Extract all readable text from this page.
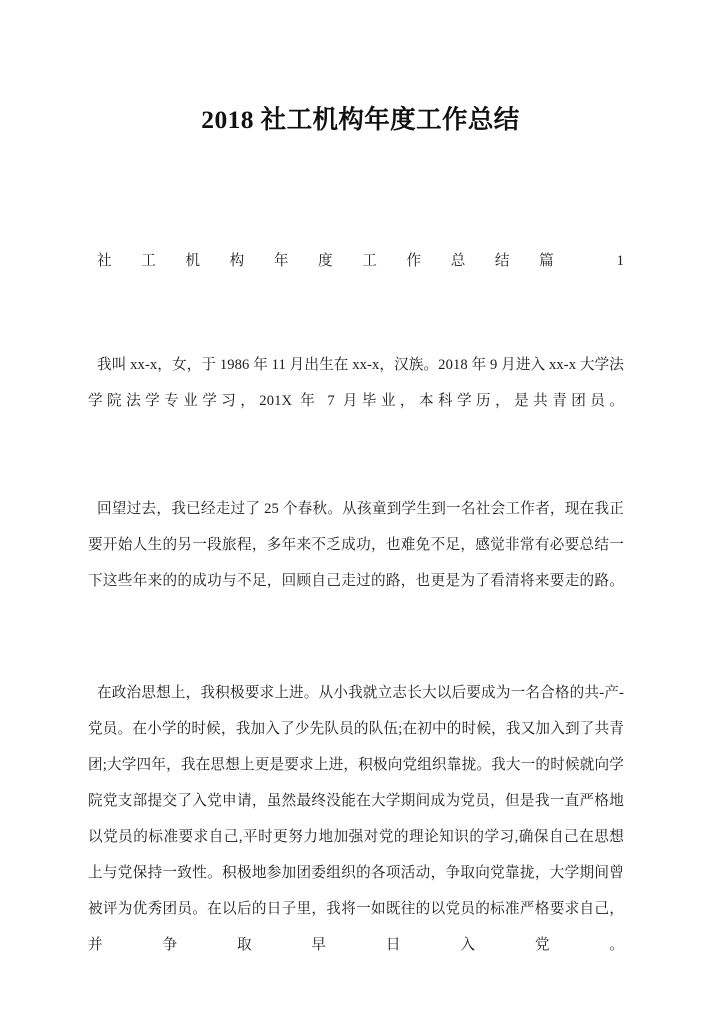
2018 社工机构年度工作总结

社工机构年度工作总结篇 1

我叫 xx-x，女，于 1986 年 11 月出生在 xx-x，汉族。2018 年 9 月进入 xx-x 大学法学院法学专业学习，201X 年 7 月毕业，本科学历，是共青团员。

回望过去，我已经走过了 25 个春秋。从孩童到学生到一名社会工作者，现在我正要开始人生的另一段旅程，多年来不乏成功，也难免不足，感觉非常有必要总结一下这些年来的的成功与不足，回顾自己走过的路，也更是为了看清将来要走的路。

在政治思想上，我积极要求上进。从小我就立志长大以后要成为一名合格的共-产-党员。在小学的时候，我加入了少先队员的队伍;在初中的时候，我又加入到了共青团;大学四年，我在思想上更是要求上进，积极向党组织靠拢。我大一的时候就向学院党支部提交了入党申请，虽然最终没能在大学期间成为党员，但是我一直严格地以党员的标准要求自己,平时更努力地加强对党的理论知识的学习,确保自己在思想上与党保持一致性。积极地参加团委组织的各项活动，争取向党靠拢，大学期间曾被评为优秀团员。在以后的日子里，我将一如既往的以党员的标准严格要求自己，并争取早日入党。
